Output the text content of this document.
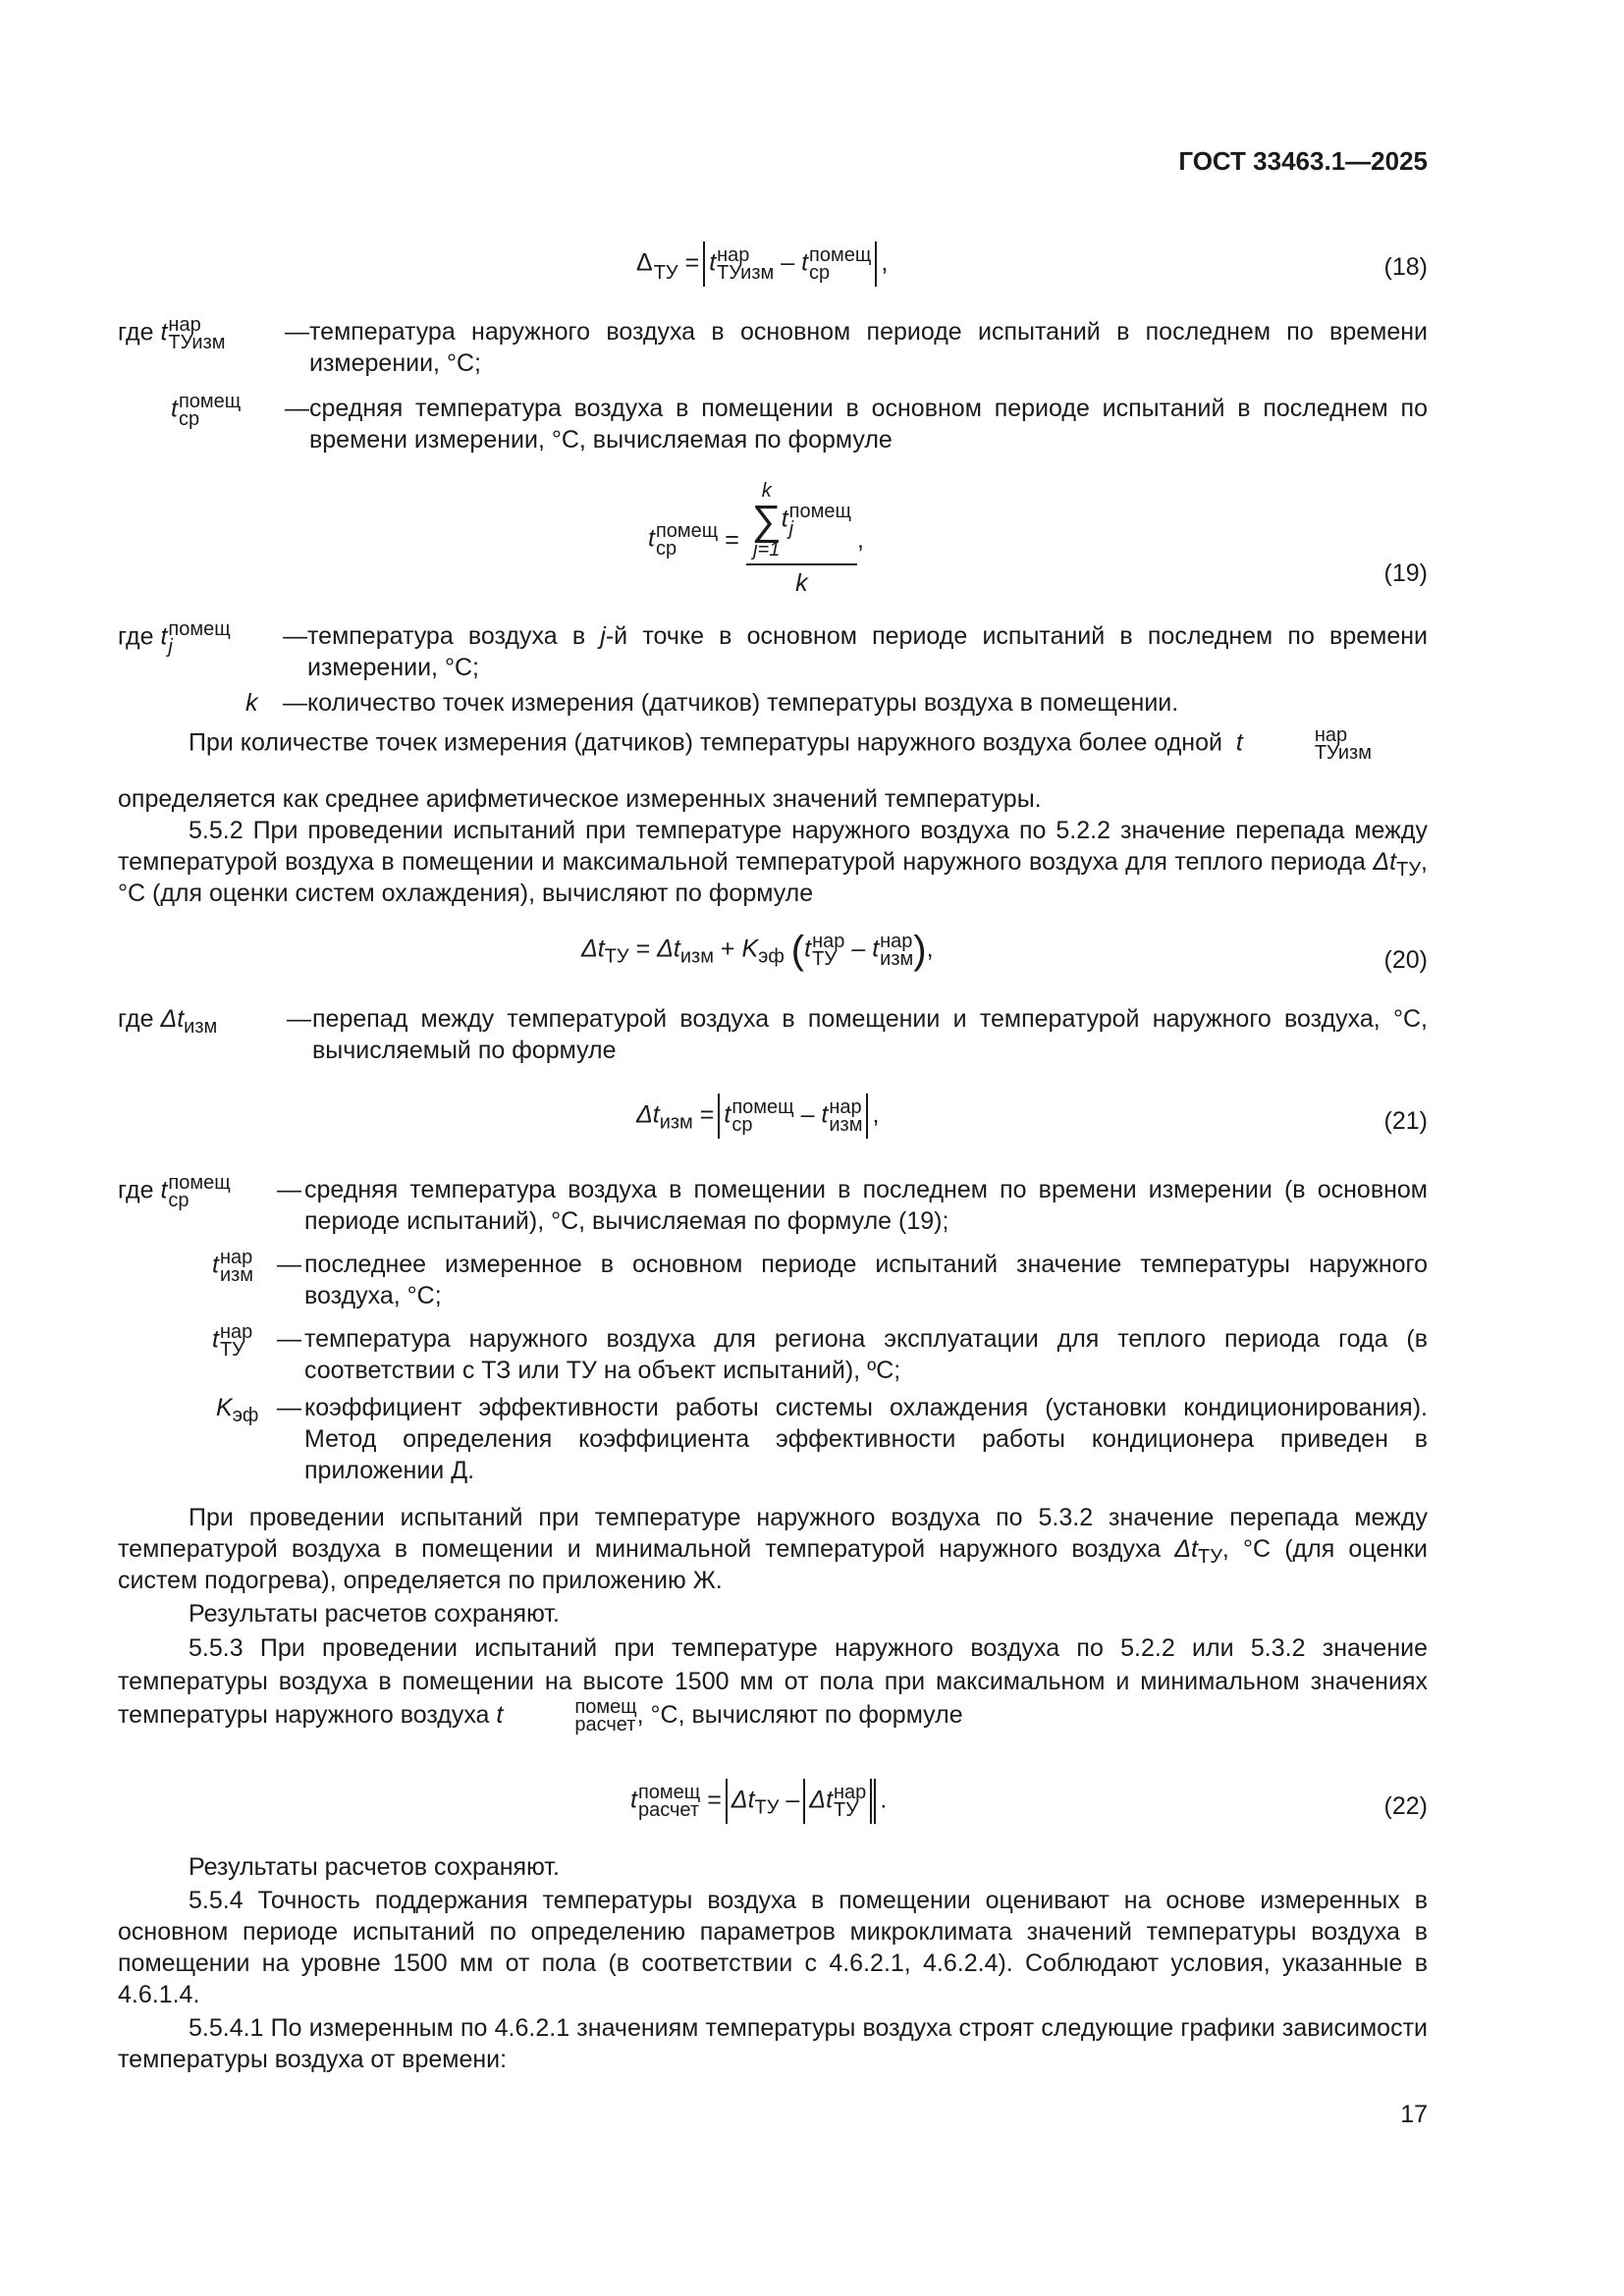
ГОСТ 33463.1—2025
Δ
ТУ = t нар
ТУизм – t помещ
ср	,	(18)
где t нар
ТУизм — температура наружного воздуха в основном периоде испытаний в последнем по времени измерении, °С;
t помещ
ср	— средняя температура воздуха в помещении в основном периоде испытаний в последнем по времени измерении, °С, вычисляемая по формуле
t помещ
ср	= k
∑
j=1
t помещ
j
k ,
(19)
где t помещ
j	— температура воздуха в j-й точке в основном периоде испытаний в последнем по времени измерении, °С;
k — количество точек измерения (датчиков) температуры воздуха в помещении.
При количестве точек измерения (датчиков) температуры наружного воздуха более одной t	нар
ТУизм
определяется как среднее арифметическое измеренных значений температуры.
5.5.2 При проведении испытаний при температуре наружного воздуха по 5.2.2 значение перепада между температурой воздуха в помещении и максимальной температурой наружного воздуха для теплого периода $\Delta t_{ТУ}$, °С (для оценки систем охлаждения), вычисляют по формуле
$\Delta t_{ТУ} = \Delta t_{изм} + K_{эф}$ (t нар
ТУ – t нар
изм ),	(20)
где $\Delta t_{изм}$	— перепад между температурой воздуха в помещении и температурой наружного воздуха, °С, вычисляемый по формуле
$\Delta t_{изм} = t$ помещ
ср	– t нар
изм ,	(21)
где t помещ
ср	— средняя температура воздуха в помещении в последнем по времени измерении (в основном периоде испытаний), °С, вычисляемая по формуле (19);
t нар
изм — последнее измеренное в основном периоде испытаний значение температуры наружного воздуха, °С;
t нар
ТУ	— температура наружного воздуха для региона эксплуатации для теплого периода года (в соответствии с ТЗ или ТУ на объект испытаний), ºС;
$K_{эф}$ — коэффициент эффективности работы системы охлаждения (установки кондиционирования). Метод определения коэффициента эффективности работы кондиционера приведен в приложении Д.
При проведении испытаний при температуре наружного воздуха по 5.3.2 значение перепада между температурой воздуха в помещении и минимальной температурой наружного воздуха $\Delta t_{ТУ}$, °С (для оценки систем подогрева), определяется по приложению Ж.
Результаты расчетов сохраняют.
5.5.3 При проведении испытаний при температуре наружного воздуха по 5.2.2 или 5.3.2 значение температуры воздуха в помещении на высоте 1500 мм от пола при максимальном и минимальном значениях температуры наружного воздуха t	помещ
расчет , °С, вычисляют по формуле
t помещ
расчет = $\Delta t_{ТУ}$ – Δt нар
ТУ .	(22)
Результаты расчетов сохраняют.
5.5.4 Точность поддержания температуры воздуха в помещении оценивают на основе измеренных в основном периоде испытаний по определению параметров микроклимата значений температуры воздуха в помещении на уровне 1500 мм от пола (в соответствии с 4.6.2.1, 4.6.2.4). Соблюдают условия, указанные в 4.6.1.4.
5.5.4.1 По измеренным по 4.6.2.1 значениям температуры воздуха строят следующие графики зависимости температуры воздуха от времени:
17
